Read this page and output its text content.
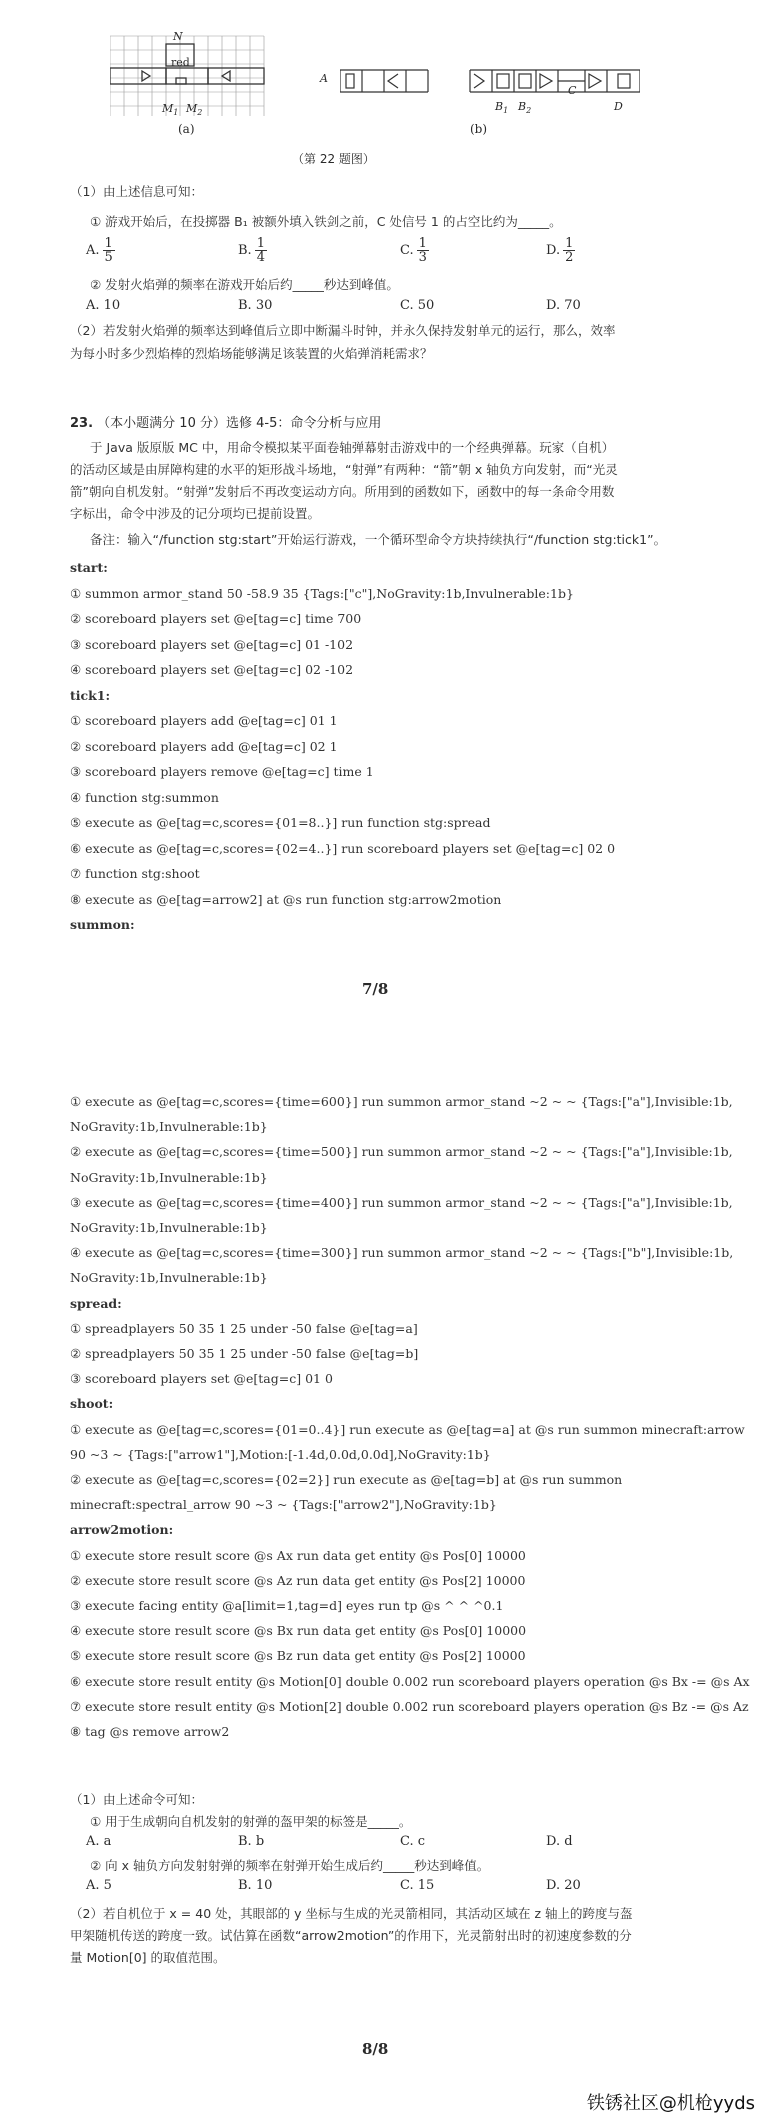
N
red
$M_1$ $M_2$
(a)
A
$B_1$ $B_2$
C
D
(b)
（第 22 题图）
（1）由上述信息可知：
① 游戏开始后，在投掷器 B₁ 被额外填入铁剑之前，C 处信号 1 的占空比约为_____。
A. $\frac{1}{5}$	B. $\frac{1}{4}$	C. $\frac{1}{3}$	D. $\frac{1}{2}$
② 发射火焰弹的频率在游戏开始后约_____秒达到峰值。
A. 10	B. 30	C. 50	D. 70
（2）若发射火焰弹的频率达到峰值后立即中断漏斗时钟，并永久保持发射单元的运行，那么，效率
为每小时多少烈焰棒的烈焰场能够满足该装置的火焰弹消耗需求？
23. （本小题满分 10 分）选修 4-5：命令分析与应用
于 Java 版原版 MC 中，用命令模拟某平面卷轴弹幕射击游戏中的一个经典弹幕。玩家（自机）
的活动区域是由屏障构建的水平的矩形战斗场地，“射弹”有两种：“箭”朝 x 轴负方向发射，而“光灵
箭”朝向自机发射。“射弹”发射后不再改变运动方向。所用到的函数如下，函数中的每一条命令用数
字标出，命令中涉及的记分项均已提前设置。
备注：输入“/function stg:start”开始运行游戏，一个循环型命令方块持续执行“/function stg:tick1”。
start:
① summon armor_stand 50 -58.9 35 {Tags:["c"],NoGravity:1b,Invulnerable:1b}
② scoreboard players set @e[tag=c] time 700
③ scoreboard players set @e[tag=c] 01 -102
④ scoreboard players set @e[tag=c] 02 -102
tick1:
① scoreboard players add @e[tag=c] 01 1
② scoreboard players add @e[tag=c] 02 1
③ scoreboard players remove @e[tag=c] time 1
④ function stg:summon
⑤ execute as @e[tag=c,scores={01=8..}] run function stg:spread
⑥ execute as @e[tag=c,scores={02=4..}] run scoreboard players set @e[tag=c] 02 0
⑦ function stg:shoot
⑧ execute as @e[tag=arrow2] at @s run function stg:arrow2motion
summon:
7/8
① execute as @e[tag=c,scores={time=600}] run summon armor_stand ~2 ~ ~ {Tags:["a"],Invisible:1b,
NoGravity:1b,Invulnerable:1b}
② execute as @e[tag=c,scores={time=500}] run summon armor_stand ~2 ~ ~ {Tags:["a"],Invisible:1b,
NoGravity:1b,Invulnerable:1b}
③ execute as @e[tag=c,scores={time=400}] run summon armor_stand ~2 ~ ~ {Tags:["a"],Invisible:1b,
NoGravity:1b,Invulnerable:1b}
④ execute as @e[tag=c,scores={time=300}] run summon armor_stand ~2 ~ ~ {Tags:["b"],Invisible:1b,
NoGravity:1b,Invulnerable:1b}
spread:
① spreadplayers 50 35 1 25 under -50 false @e[tag=a]
② spreadplayers 50 35 1 25 under -50 false @e[tag=b]
③ scoreboard players set @e[tag=c] 01 0
shoot:
① execute as @e[tag=c,scores={01=0..4}] run execute as @e[tag=a] at @s run summon minecraft:arrow
90 ~3 ~ {Tags:["arrow1"],Motion:[-1.4d,0.0d,0.0d],NoGravity:1b}
② execute as @e[tag=c,scores={02=2}] run execute as @e[tag=b] at @s run summon
minecraft:spectral_arrow 90 ~3 ~ {Tags:["arrow2"],NoGravity:1b}
arrow2motion:
① execute store result score @s Ax run data get entity @s Pos[0] 10000
② execute store result score @s Az run data get entity @s Pos[2] 10000
③ execute facing entity @a[limit=1,tag=d] eyes run tp @s ^ ^ ^0.1
④ execute store result score @s Bx run data get entity @s Pos[0] 10000
⑤ execute store result score @s Bz run data get entity @s Pos[2] 10000
⑥ execute store result entity @s Motion[0] double 0.002 run scoreboard players operation @s Bx -= @s Ax
⑦ execute store result entity @s Motion[2] double 0.002 run scoreboard players operation @s Bz -= @s Az
⑧ tag @s remove arrow2
（1）由上述命令可知：
① 用于生成朝向自机发射的射弹的盔甲架的标签是_____。
A. a	B. b	C. c	D. d
② 向 x 轴负方向发射射弹的频率在射弹开始生成后约_____秒达到峰值。
A. 5	B. 10	C. 15	D. 20
（2）若自机位于 x = 40 处，其眼部的 y 坐标与生成的光灵箭相同，其活动区域在 z 轴上的跨度与盔
甲架随机传送的跨度一致。试估算在函数“arrow2motion”的作用下，光灵箭射出时的初速度参数的分
量 Motion[0] 的取值范围。
8/8
铁锈社区@机枪yyds
